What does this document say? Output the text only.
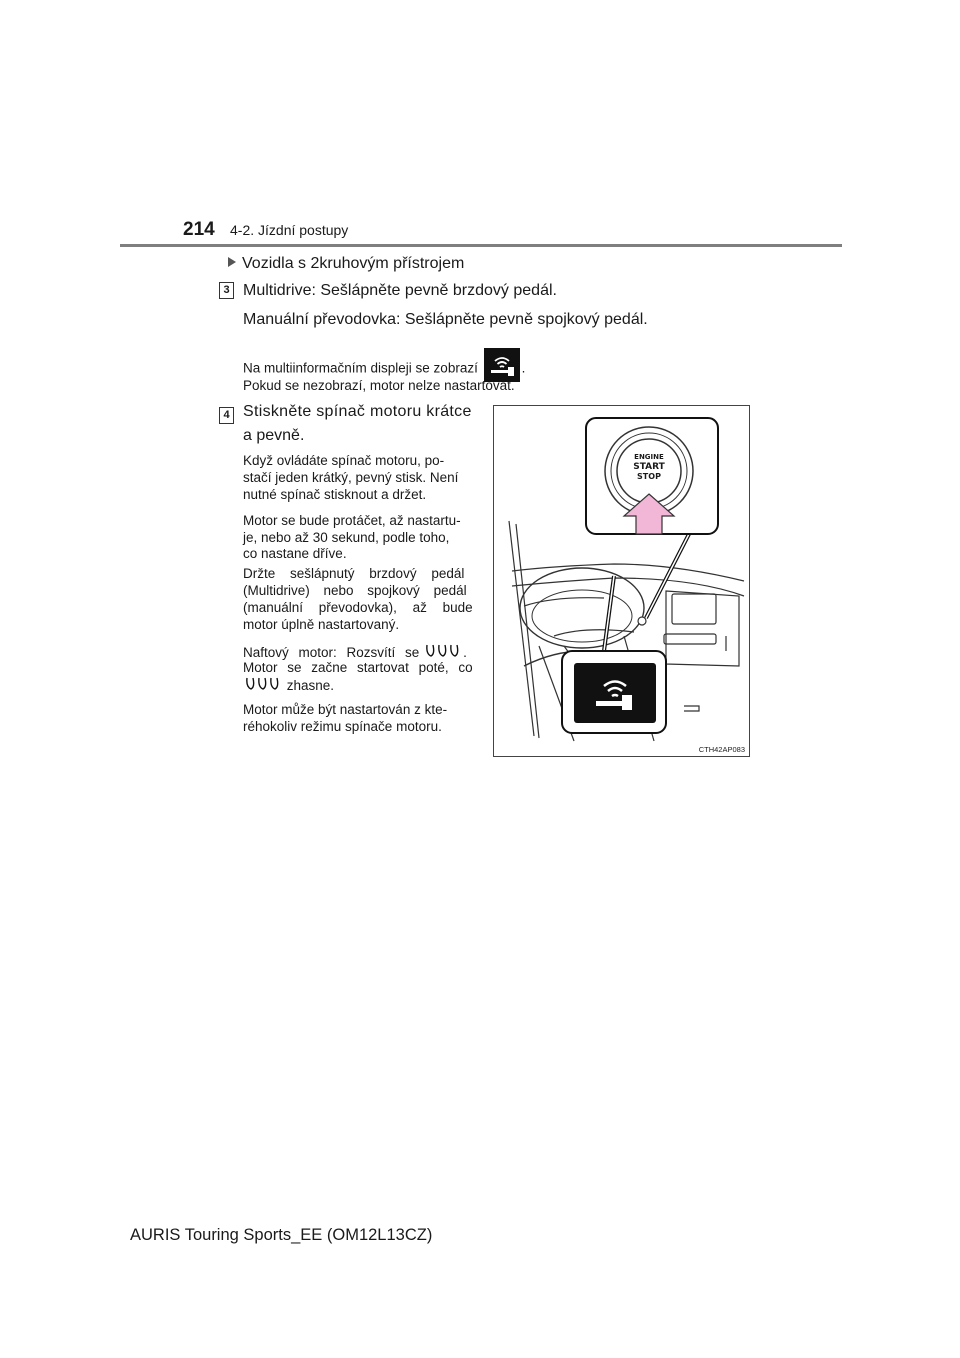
214 4-2. Jízdní postupy
Vozidla s 2kruhovým přístrojem
3 Multidrive: Sešlápněte pevně brzdový pedál.
Manuální převodovka: Sešlápněte pevně spojkový pedál.
Na multiinformačním displeji se zobrazí	.
Pokud se nezobrazí, motor nelze nastartovat.
4 Stiskněte spínač motoru krátce
a pevně.
Když ovládáte spínač motoru, po-
stačí jeden krátký, pevný stisk. Není
nutné spínač stisknout a držet.
Motor se bude protáčet, až nastartu-
je, nebo až 30 sekund, podle toho,
co nastane dříve.
Držte sešlápnutý brzdový pedál
(Multidrive) nebo spojkový pedál
(manuální převodovka), až bude
motor úplně nastartovaný.
Naftový motor: Rozsvítí se	.
Motor se začne startovat poté, co
zhasne.
Motor může být nastartován z kte-
réhokoliv režimu spínače motoru.
ENGINE
START
STOP
CTH42AP083
AURIS Touring Sports_EE (OM12L13CZ)
